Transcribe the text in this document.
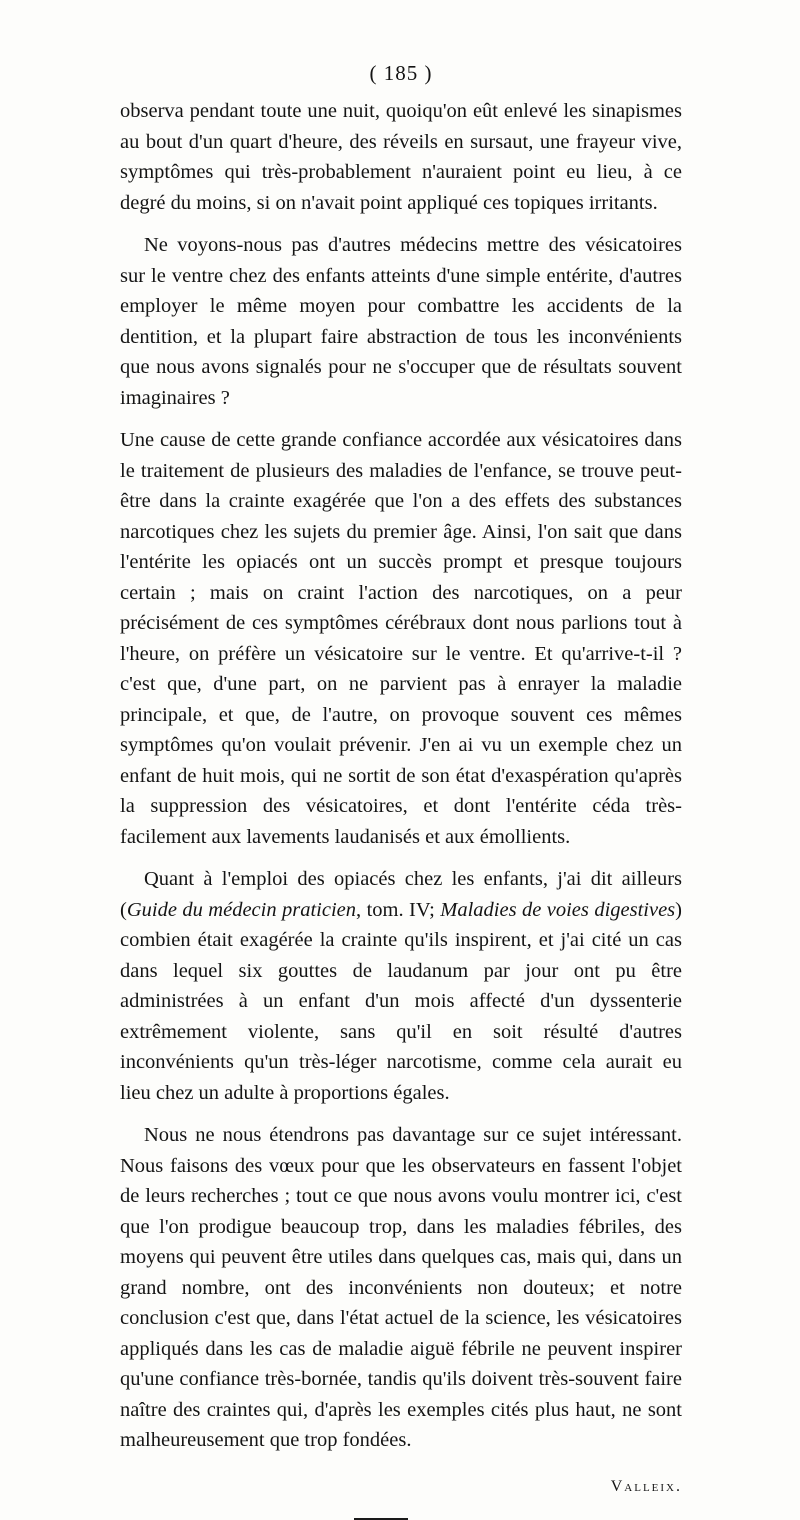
( 185 )

observa pendant toute une nuit, quoiqu'on eût enlevé les sinapismes au bout d'un quart d'heure, des réveils en sursaut, une frayeur vive, symptômes qui très-probablement n'auraient point eu lieu, à ce degré du moins, si on n'avait point appliqué ces topiques irritants.

Ne voyons-nous pas d'autres médecins mettre des vésicatoires sur le ventre chez des enfants atteints d'une simple entérite, d'autres employer le même moyen pour combattre les accidents de la dentition, et la plupart faire abstraction de tous les inconvénients que nous avons signalés pour ne s'occuper que de résultats souvent imaginaires ?

Une cause de cette grande confiance accordée aux vésicatoires dans le traitement de plusieurs des maladies de l'enfance, se trouve peut-être dans la crainte exagérée que l'on a des effets des substances narcotiques chez les sujets du premier âge. Ainsi, l'on sait que dans l'entérite les opiacés ont un succès prompt et presque toujours certain ; mais on craint l'action des narcotiques, on a peur précisément de ces symptômes cérébraux dont nous parlions tout à l'heure, on préfère un vésicatoire sur le ventre. Et qu'arrive-t-il ? c'est que, d'une part, on ne parvient pas à enrayer la maladie principale, et que, de l'autre, on provoque souvent ces mêmes symptômes qu'on voulait prévenir. J'en ai vu un exemple chez un enfant de huit mois, qui ne sortit de son état d'exaspération qu'après la suppression des vésicatoires, et dont l'entérite céda très-facilement aux lavements laudanisés et aux émollients.

Quant à l'emploi des opiacés chez les enfants, j'ai dit ailleurs (Guide du médecin praticien, tom. IV; Maladies de voies digestives) combien était exagérée la crainte qu'ils inspirent, et j'ai cité un cas dans lequel six gouttes de laudanum par jour ont pu être administrées à un enfant d'un mois affecté d'un dyssenterie extrêmement violente, sans qu'il en soit résulté d'autres inconvénients qu'un très-léger narcotisme, comme cela aurait eu lieu chez un adulte à proportions égales.

Nous ne nous étendrons pas davantage sur ce sujet intéressant. Nous faisons des vœux pour que les observateurs en fassent l'objet de leurs recherches ; tout ce que nous avons voulu montrer ici, c'est que l'on prodigue beaucoup trop, dans les maladies fébriles, des moyens qui peuvent être utiles dans quelques cas, mais qui, dans un grand nombre, ont des inconvénients non douteux; et notre conclusion c'est que, dans l'état actuel de la science, les vésicatoires appliqués dans les cas de maladie aiguë fébrile ne peuvent inspirer qu'une confiance très-bornée, tandis qu'ils doivent très-souvent faire naître des craintes qui, d'après les exemples cités plus haut, ne sont malheureusement que trop fondées.

Valleix.
